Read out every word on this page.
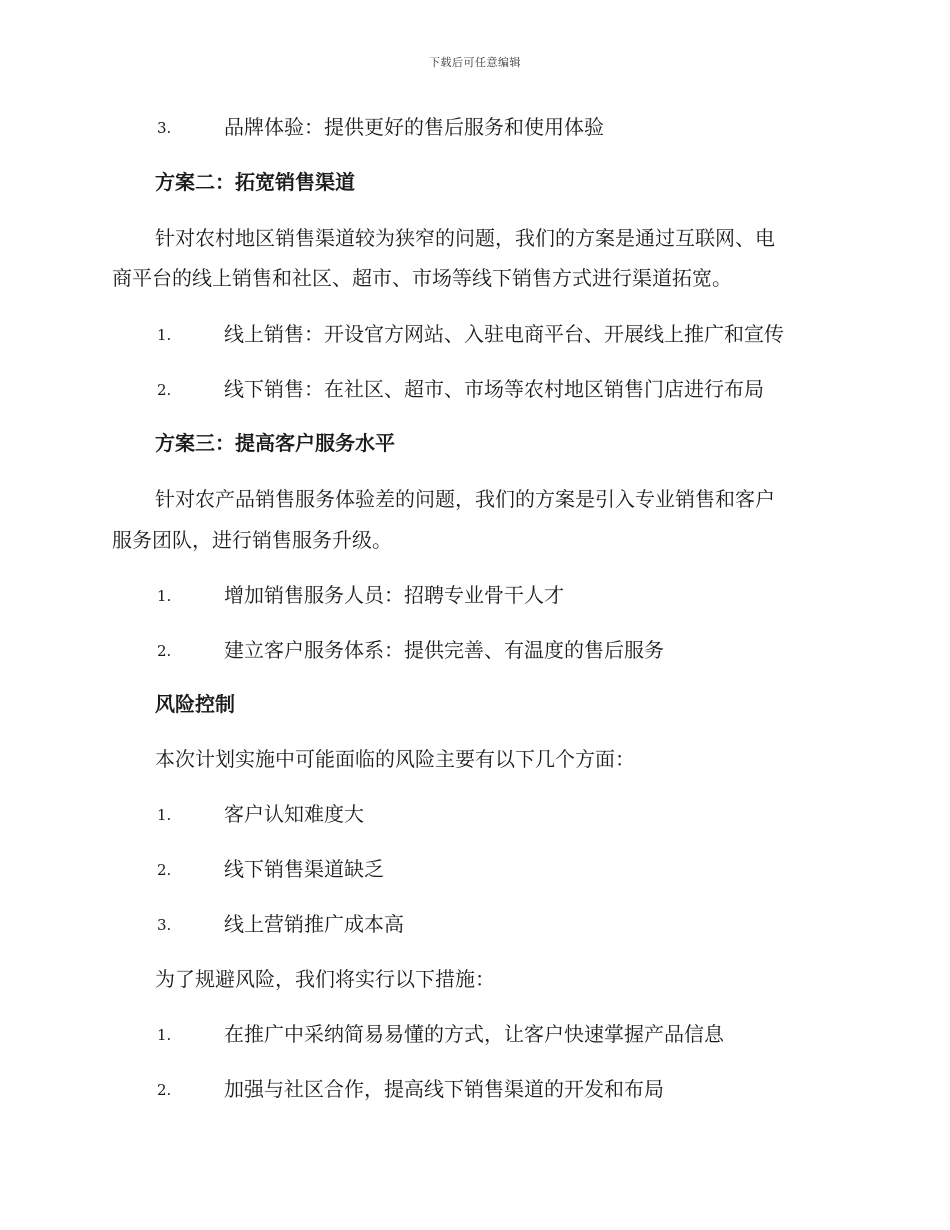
下载后可任意编辑
3.	品牌体验：提供更好的售后服务和使用体验
方案二：拓宽销售渠道
针对农村地区销售渠道较为狭窄的问题，我们的方案是通过互联网、电
商平台的线上销售和社区、超市、市场等线下销售方式进行渠道拓宽。
1.	线上销售：开设官方网站、入驻电商平台、开展线上推广和宣传
2.	线下销售：在社区、超市、市场等农村地区销售门店进行布局
方案三：提高客户服务水平
针对农产品销售服务体验差的问题，我们的方案是引入专业销售和客户
服务团队，进行销售服务升级。
1.	增加销售服务人员：招聘专业骨干人才
2.	建立客户服务体系：提供完善、有温度的售后服务
风险控制
本次计划实施中可能面临的风险主要有以下几个方面：
1.	客户认知难度大
2.	线下销售渠道缺乏
3.	线上营销推广成本高
为了规避风险，我们将实行以下措施：
1.	在推广中采纳简易易懂的方式，让客户快速掌握产品信息
2.	加强与社区合作，提高线下销售渠道的开发和布局
